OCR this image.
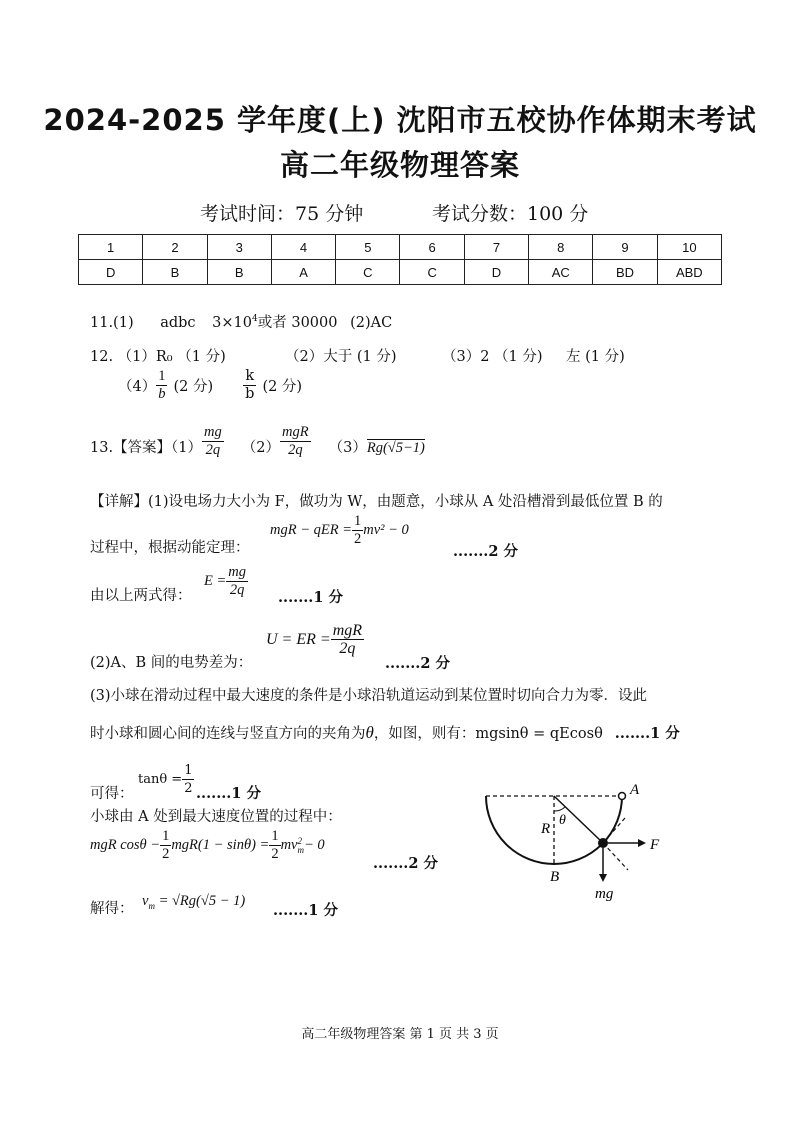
2024-2025 学年度(上) 沈阳市五校协作体期末考试
高二年级物理答案
考试时间：75 分钟	考试分数：100 分
1	2	3	4	5	6	7	8	9	10
D	B	B	A	C	C	D	AC	BD	ABD
11.(1) adbc $3\times 10^4$或者 30000 (2)AC
12. （1）R₀ （1 分)	（2）大于 (1 分)	（3）2 （1 分) 左 (1 分)
$(4) \frac{1}{b} (2$ 分) $\frac{k}{b} (2$ 分)
13.【答案】$(1) \frac{mg}{2q} (2) \frac{\text{mgR}}{2q} (3)$ Rg(√5−1)
【详解】(1)设电场力大小为 F，做功为 W，由题意，小球从 A 处沿槽滑到最低位置 B 的
过程中，根据动能定理：
mgR − qER = $\frac{1}{2} mv^2 - 0$
.......2 分
由以上两式得：
$E = \frac{mg}{2q} .......1$ 分
(2)A、B 间的电势差为：
U = ER = $\frac{\text{mgR}}{2q}$
.......2 分
(3)小球在滑动过程中最大速度的条件是小球沿轨道运动到某位置时切向合力为零．设此
时小球和圆心间的连线与竖直方向的夹角为θ，如图，则有：mgsinθ = qEcosθ .......1 分
可得：
$\tan\theta = \frac{1}{2} .......1$ 分
小球由 A 处到最大速度位置的过程中：
mgR $\cos\theta - \frac{1}{2} mgR(1 - \sin\theta) = \frac{1}{2}$ mv 2
m − 0
.......2 分
解得： $v_m = √Rg(√5 - 1)$
.......1 分
A
B
R
θ
F
mg
高二年级物理答案 第 1 页 共 3 页
